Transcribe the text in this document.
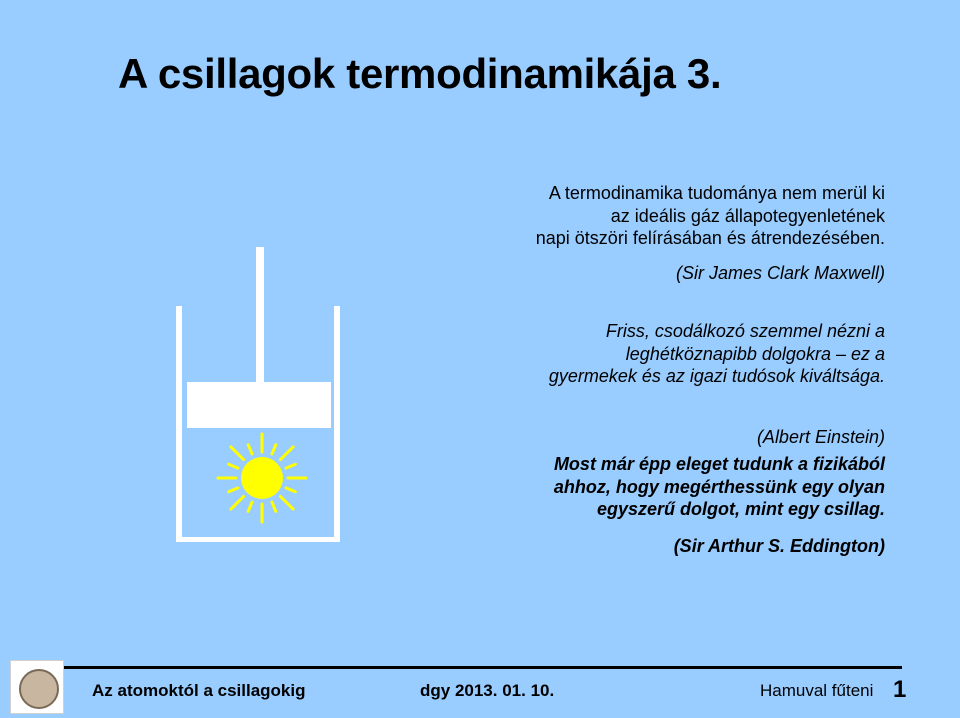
A csillagok termodinamikája 3.
A termodinamika tudománya nem merül ki
az ideális gáz állapotegyenletének
napi ötszöri felírásában és átrendezésében.
(Sir James Clark Maxwell)
Friss, csodálkozó szemmel nézni a
leghétköznapibb dolgokra – ez a
gyermekek és az igazi tudósok kiváltsága.
(Albert Einstein)
Most már épp eleget tudunk a fizikából
ahhoz, hogy megérthessünk egy olyan
egyszerű dolgot, mint egy csillag.
(Sir Arthur S. Eddington)
Az atomoktól a csillagokig	dgy 2013. 01. 10.	Hamuval fűteni 1
